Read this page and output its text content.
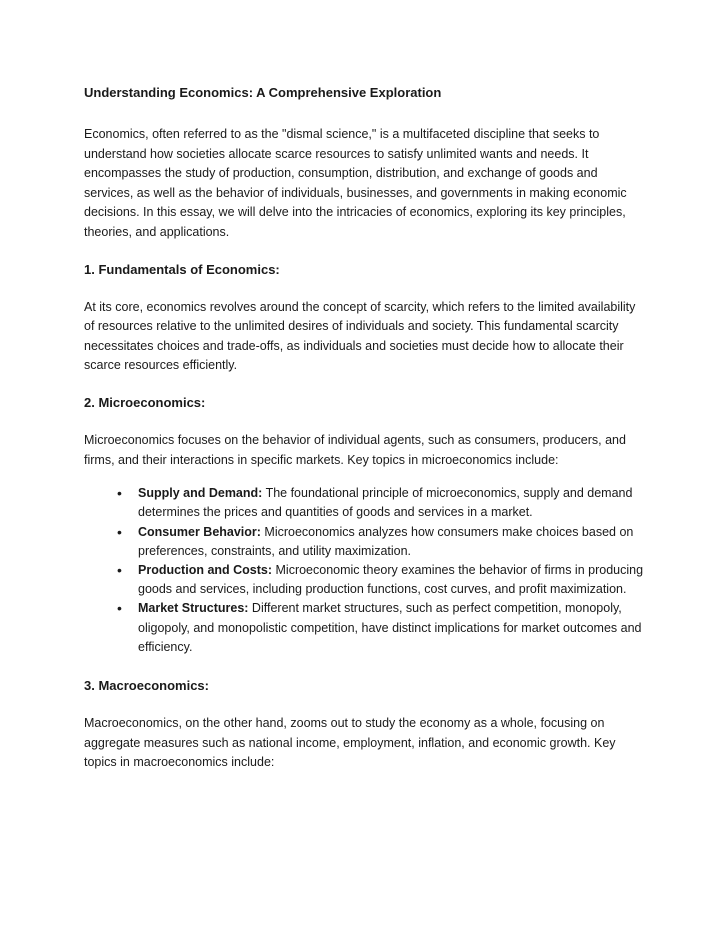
Understanding Economics: A Comprehensive Exploration

Economics, often referred to as the "dismal science," is a multifaceted discipline that seeks to understand how societies allocate scarce resources to satisfy unlimited wants and needs. It encompasses the study of production, consumption, distribution, and exchange of goods and services, as well as the behavior of individuals, businesses, and governments in making economic decisions. In this essay, we will delve into the intricacies of economics, exploring its key principles, theories, and applications.

1. Fundamentals of Economics:

At its core, economics revolves around the concept of scarcity, which refers to the limited availability of resources relative to the unlimited desires of individuals and society. This fundamental scarcity necessitates choices and trade-offs, as individuals and societies must decide how to allocate their scarce resources efficiently.

2. Microeconomics:

Microeconomics focuses on the behavior of individual agents, such as consumers, producers, and firms, and their interactions in specific markets. Key topics in microeconomics include:

• Supply and Demand: The foundational principle of microeconomics, supply and demand determines the prices and quantities of goods and services in a market.
• Consumer Behavior: Microeconomics analyzes how consumers make choices based on preferences, constraints, and utility maximization.
• Production and Costs: Microeconomic theory examines the behavior of firms in producing goods and services, including production functions, cost curves, and profit maximization.
• Market Structures: Different market structures, such as perfect competition, monopoly, oligopoly, and monopolistic competition, have distinct implications for market outcomes and efficiency.
3. Macroeconomics:

Macroeconomics, on the other hand, zooms out to study the economy as a whole, focusing on aggregate measures such as national income, employment, inflation, and economic growth. Key topics in macroeconomics include:
